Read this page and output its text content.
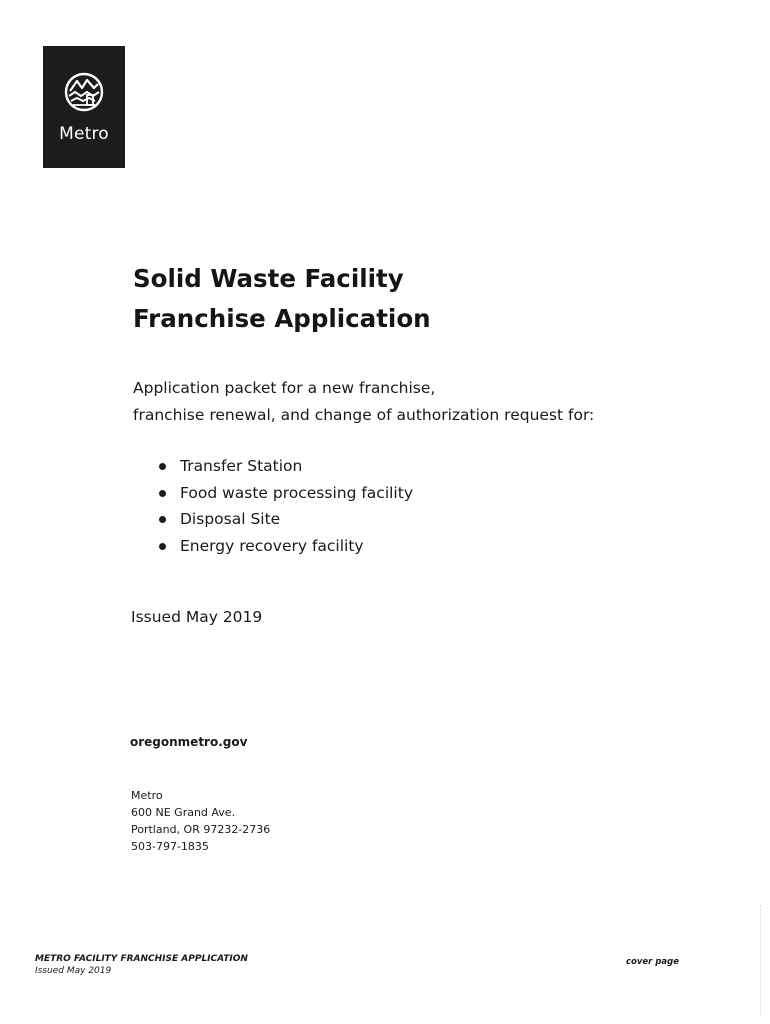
Metro
Solid Waste Facility
Franchise Application
Application packet for a new franchise,
franchise renewal, and change of authorization request for:
Transfer Station
Food waste processing facility
Disposal Site
Energy recovery facility
Issued May 2019
oregonmetro.gov
Metro
600 NE Grand Ave.
Portland, OR 97232-2736
503-797-1835
METRO FACILITY FRANCHISE APPLICATION
Issued May 2019
cover page
